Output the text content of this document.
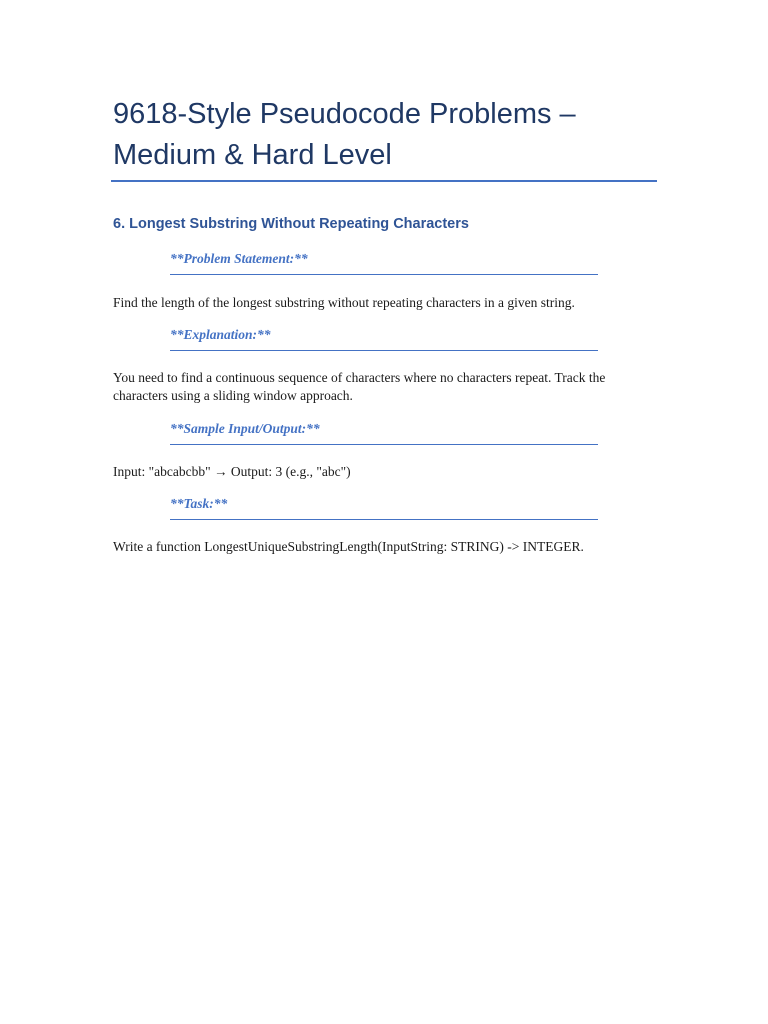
9618-Style Pseudocode Problems – Medium & Hard Level
6. Longest Substring Without Repeating Characters
**Problem Statement:**

Find the length of the longest substring without repeating characters in a given string.

**Explanation:**

You need to find a continuous sequence of characters where no characters repeat. Track the characters using a sliding window approach.

**Sample Input/Output:**

Input: "abcabcbb" → Output: 3 (e.g., "abc")

**Task:**

Write a function LongestUniqueSubstringLength(InputString: STRING) -> INTEGER.
